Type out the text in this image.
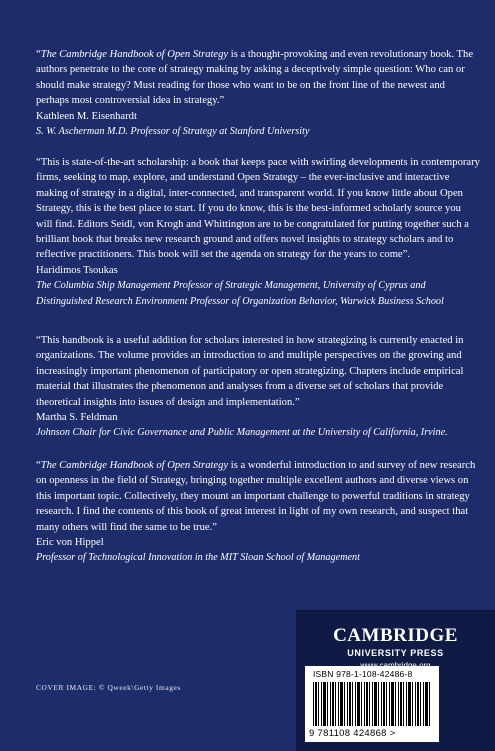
“The Cambridge Handbook of Open Strategy is a thought-provoking and even revolutionary book. The authors penetrate to the core of strategy making by asking a deceptively simple question: Who can or should make strategy? Must reading for those who want to be on the front line of the newest and perhaps most controversial idea in strategy.”

Kathleen M. Eisenhardt

S. W. Ascherman M.D. Professor of Strategy at Stanford University

“This is state-of-the-art scholarship: a book that keeps pace with swirling developments in contemporary firms, seeking to map, explore, and understand Open Strategy – the ever-inclusive and interactive making of strategy in a digital, inter-connected, and transparent world. If you know little about Open Strategy, this is the best place to start. If you do know, this is the best-informed scholarly source you will find. Editors Seidl, von Krogh and Whittington are to be congratulated for putting together such a brilliant book that breaks new research ground and offers novel insights to strategy scholars and to reflective practitioners. This book will set the agenda on strategy for the years to come”.

Haridimos Tsoukas

The Columbia Ship Management Professor of Strategic Management, University of Cyprus and Distinguished Research Environment Professor of Organization Behavior, Warwick Business School

“This handbook is a useful addition for scholars interested in how strategizing is currently enacted in organizations. The volume provides an introduction to and multiple perspectives on the growing and increasingly important phenomenon of participatory or open strategizing. Chapters include empirical material that illustrates the phenomenon and analyses from a diverse set of scholars that provide theoretical insights into issues of design and implementation.”

Martha S. Feldman

Johnson Chair for Civic Governance and Public Management at the University of California, Irvine.

“The Cambridge Handbook of Open Strategy is a wonderful introduction to and survey of new research on openness in the field of Strategy, bringing together multiple excellent authors and diverse views on this important topic. Collectively, they mount an important challenge to powerful traditions in strategy research. I find the contents of this book of great interest in light of my own research, and suspect that many others will find the same to be true.”

Eric von Hippel

Professor of Technological Innovation in the MIT Sloan School of Management

COVER IMAGE: © Qweek\Getty Images
CAMBRIDGE
UNIVERSITY PRESS
ISBN 978-1-108-42486-8
9 781108 424868 >
